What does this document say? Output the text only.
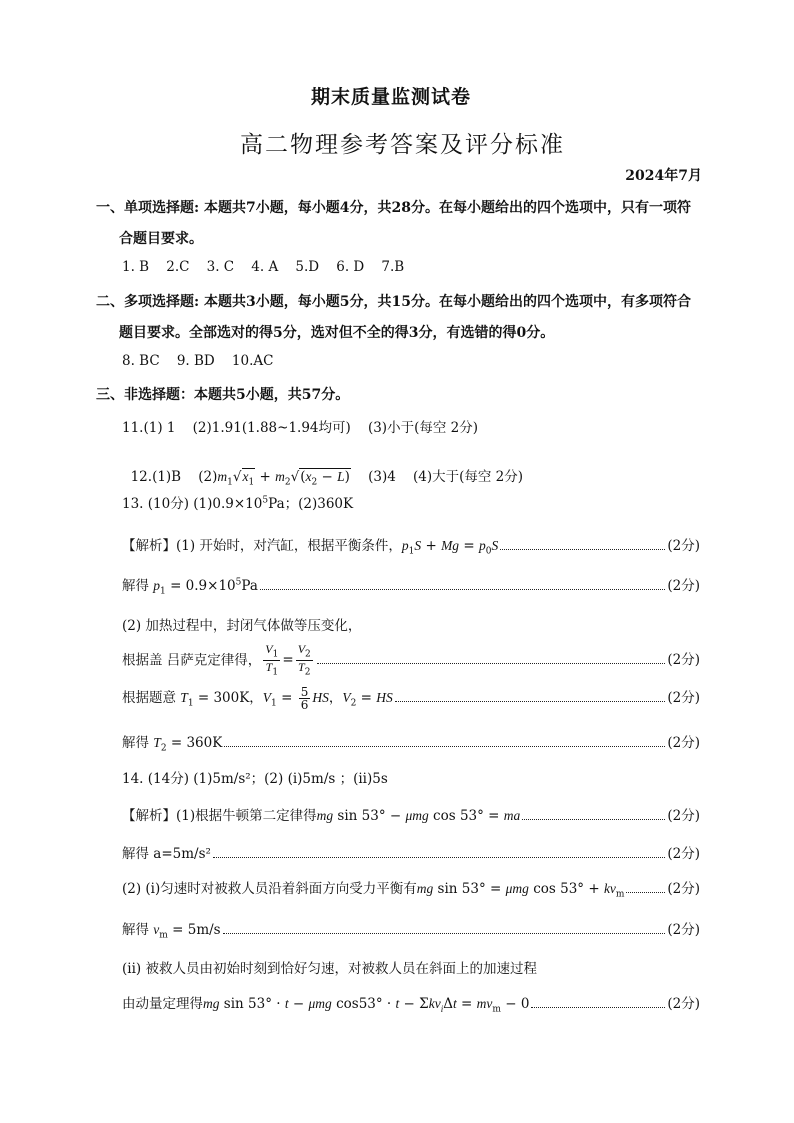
期末质量监测试卷
高二物理参考答案及评分标准
2024年7月
一、单项选择题: 本题共7小题，每小题4分，共28分。在每小题给出的四个选项中，只有一项符
合题目要求。
1. B    2.C    3. C    4. A    5.D    6. D    7.B
二、多项选择题: 本题共3小题，每小题5分，共15分。在每小题给出的四个选项中，有多项符合
题目要求。全部选对的得5分，选对但不全的得3分，有选错的得0分。
8. BC    9. BD    10.AC
三、非选择题：本题共5小题，共57分。
11.(1) 1    (2)1.91(1.88~1.94均可)    (3)小于(每空 2分)

12.(1)B    $(2)m_1√x_1 + m_2√(x_2 - L)$    (3)4    (4)大于(每空 2分)

13. (10分) $(1)0.9\times 10^5Pa$；(2)360K
【解析】(1) 开始时，对汽缸，根据平衡条件，$p_1S + Mg = p_0S$	(2分)
解得 $p_1 = 0.9\times 10^5Pa$	(2分)
(2) 加热过程中，封闭气体做等压变化，
根据盖 吕萨克定律得， $\frac{V_1}{T_1} = \frac{V_2}{T_2}$	(2分)
根据题意 $T_1 = 300K$，$V_1 = \frac{5}{6}$ HS，$V_2$ = HS	(2分)
解得 $T_2 = 360K$	(2分)
14. (14分) (1)5m/s²；(2) (i)5m/s ；(ii)5s
【解析】(1)根据牛顿第二定律得mg sin 53° − μmg cos 53° = ma	(2分)
解得 a=5m/s²	(2分)
(2) (i)匀速时对被救人员沿着斜面方向受力平衡有mg sin 53° = μmg $\cos 53^\circ + kv_m$	(2分)
解得 $v_m = 5m/s$	(2分)
(ii) 被救人员由初始时刻到恰好匀速，对被救人员在斜面上的加速过程
由动量定理得mg sin 53° · t − μmg $\cos 53^\circ \cdot t - \Sigma kv_i\Delta t = mv_m - 0$	(2分)
